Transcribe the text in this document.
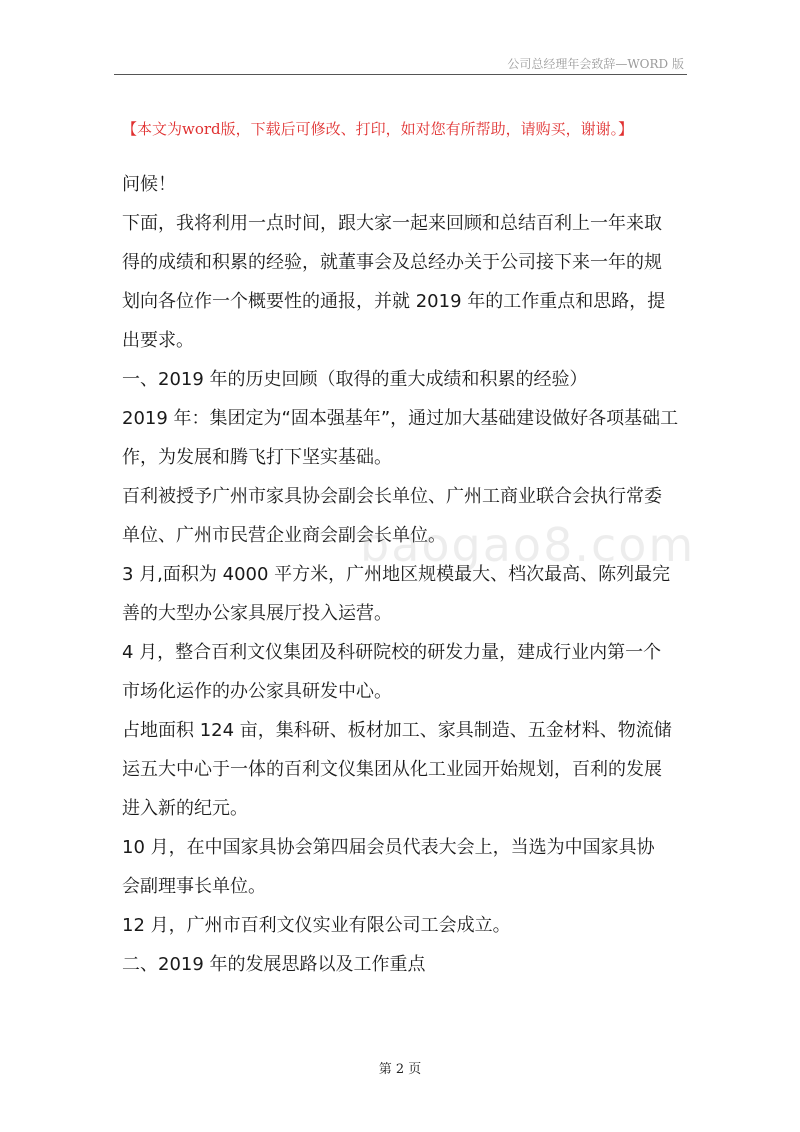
公司总经理年会致辞—WORD 版
【本文为word版，下载后可修改、打印，如对您有所帮助，请购买，谢谢。】
baogao8.com

问候！

下面，我将利用一点时间，跟大家一起来回顾和总结百利上一年来取
得的成绩和积累的经验，就董事会及总经办关于公司接下来一年的规
划向各位作一个概要性的通报，并就 2019 年的工作重点和思路，提
出要求。

一、2019 年的历史回顾（取得的重大成绩和积累的经验）

2019 年：集团定为“固本强基年”，通过加大基础建设做好各项基础工
作，为发展和腾飞打下坚实基础。

百利被授予广州市家具协会副会长单位、广州工商业联合会执行常委
单位、广州市民营企业商会副会长单位。

3 月,面积为 4000 平方米，广州地区规模最大、档次最高、陈列最完
善的大型办公家具展厅投入运营。

4 月，整合百利文仪集团及科研院校的研发力量，建成行业内第一个
市场化运作的办公家具研发中心。

占地面积 124 亩，集科研、板材加工、家具制造、五金材料、物流储
运五大中心于一体的百利文仪集团从化工业园开始规划，百利的发展
进入新的纪元。

10 月，在中国家具协会第四届会员代表大会上，当选为中国家具协
会副理事长单位。

12 月，广州市百利文仪实业有限公司工会成立。

二、2019 年的发展思路以及工作重点

第 2 页
